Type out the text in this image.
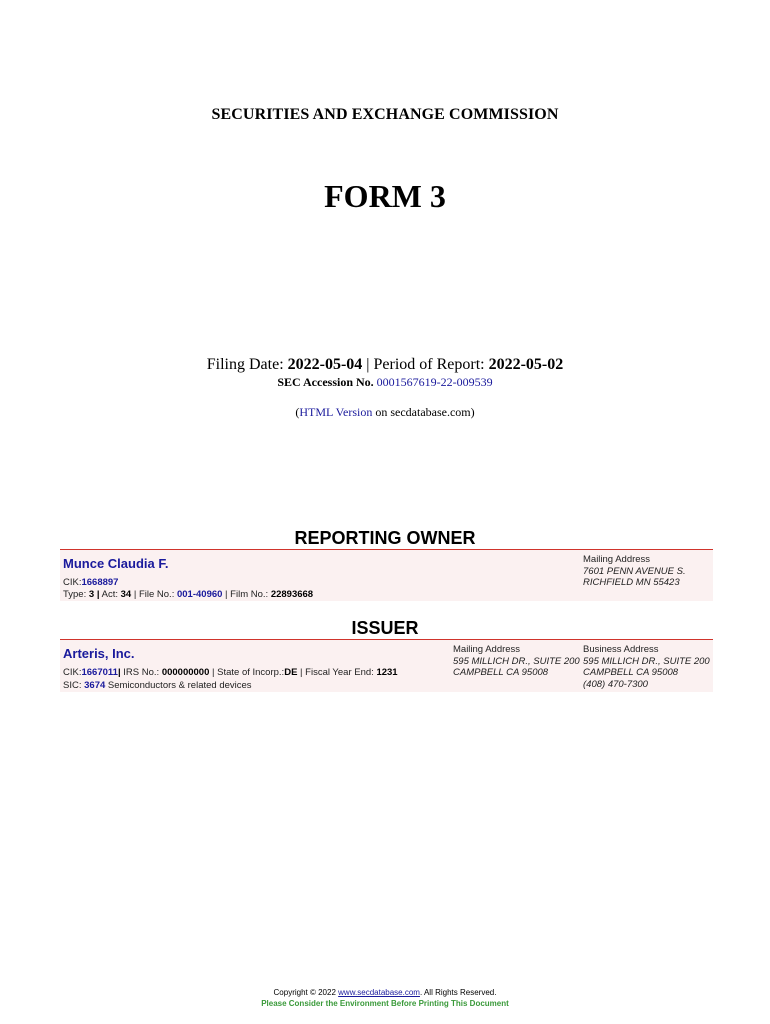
SECURITIES AND EXCHANGE COMMISSION
FORM 3
Filing Date: 2022-05-04 | Period of Report: 2022-05-02
SEC Accession No. 0001567619-22-009539
(HTML Version on secdatabase.com)
REPORTING OWNER
Munce Claudia F.
CIK:1668897
Type: 3 | Act: 34 | File No.: 001-40960 | Film No.: 22893668
Mailing Address
7601 PENN AVENUE S.
RICHFIELD MN 55423
ISSUER
Arteris, Inc.
CIK:1667011| IRS No.: 000000000 | State of Incorp.:DE | Fiscal Year End: 1231
SIC: 3674 Semiconductors & related devices
Mailing Address
595 MILLICH DR., SUITE 200
CAMPBELL CA 95008
Business Address
595 MILLICH DR., SUITE 200
CAMPBELL CA 95008
(408) 470-7300
Copyright © 2022 www.secdatabase.com. All Rights Reserved.
Please Consider the Environment Before Printing This Document
